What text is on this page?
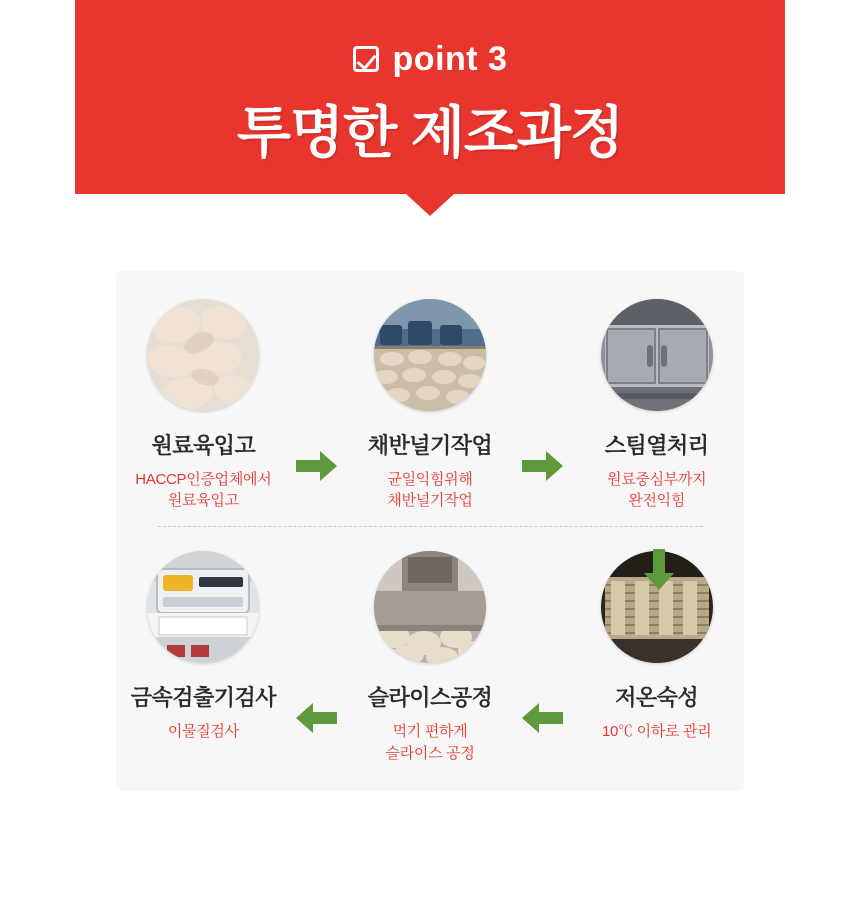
point 3
투명한 제조과정
원료육입고
HACCP인증업체에서
원료육입고
채반널기작업
균일익힘위해
채반널기작업
스팀열처리
원료중심부까지
완전익힘
금속검출기검사
이물질검사
슬라이스공정
먹기 편하게
슬라이스 공정
저온숙성
10℃ 이하로 관리
